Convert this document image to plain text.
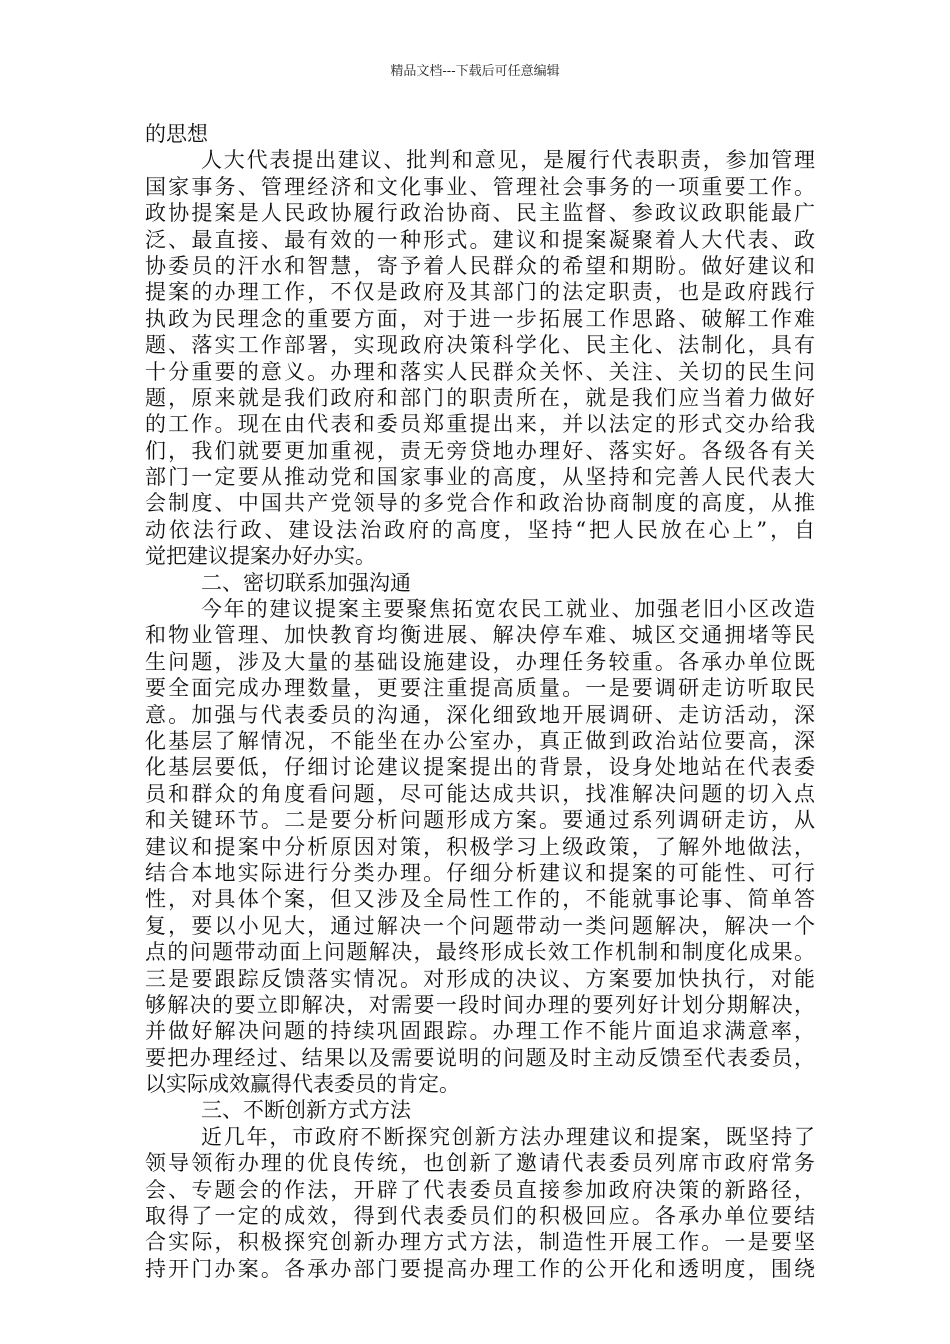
精品文档---下载后可任意编辑
的思想
人大代表提出建议、批判和意见，是履行代表职责，参加管理
国家事务、管理经济和文化事业、管理社会事务的一项重要工作。
政协提案是人民政协履行政治协商、民主监督、参政议政职能最广
泛、最直接、最有效的一种形式。建议和提案凝聚着人大代表、政
协委员的汗水和智慧，寄予着人民群众的希望和期盼。做好建议和
提案的办理工作，不仅是政府及其部门的法定职责，也是政府践行
执政为民理念的重要方面，对于进一步拓展工作思路、破解工作难
题、落实工作部署，实现政府决策科学化、民主化、法制化，具有
十分重要的意义。办理和落实人民群众关怀、关注、关切的民生问
题，原来就是我们政府和部门的职责所在，就是我们应当着力做好
的工作。现在由代表和委员郑重提出来，并以法定的形式交办给我
们，我们就要更加重视，责无旁贷地办理好、落实好。各级各有关
部门一定要从推动党和国家事业的高度，从坚持和完善人民代表大
会制度、中国共产党领导的多党合作和政治协商制度的高度，从推
动依法行政、建设法治政府的高度，坚持“把人民放在心上”，自
觉把建议提案办好办实。
二、密切联系加强沟通
今年的建议提案主要聚焦拓宽农民工就业、加强老旧小区改造
和物业管理、加快教育均衡进展、解决停车难、城区交通拥堵等民
生问题，涉及大量的基础设施建设，办理任务较重。各承办单位既
要全面完成办理数量，更要注重提高质量。一是要调研走访听取民
意。加强与代表委员的沟通，深化细致地开展调研、走访活动，深
化基层了解情况，不能坐在办公室办，真正做到政治站位要高，深
化基层要低，仔细讨论建议提案提出的背景，设身处地站在代表委
员和群众的角度看问题，尽可能达成共识，找准解决问题的切入点
和关键环节。二是要分析问题形成方案。要通过系列调研走访，从
建议和提案中分析原因对策，积极学习上级政策，了解外地做法，
结合本地实际进行分类办理。仔细分析建议和提案的可能性、可行
性，对具体个案，但又涉及全局性工作的，不能就事论事、简单答
复，要以小见大，通过解决一个问题带动一类问题解决，解决一个
点的问题带动面上问题解决，最终形成长效工作机制和制度化成果。
三是要跟踪反馈落实情况。对形成的决议、方案要加快执行，对能
够解决的要立即解决，对需要一段时间办理的要列好计划分期解决，
并做好解决问题的持续巩固跟踪。办理工作不能片面追求满意率，
要把办理经过、结果以及需要说明的问题及时主动反馈至代表委员，
以实际成效赢得代表委员的肯定。
三、不断创新方式方法
近几年，市政府不断探究创新方法办理建议和提案，既坚持了
领导领衔办理的优良传统，也创新了邀请代表委员列席市政府常务
会、专题会的作法，开辟了代表委员直接参加政府决策的新路径，
取得了一定的成效，得到代表委员们的积极回应。各承办单位要结
合实际，积极探究创新办理方式方法，制造性开展工作。一是要坚
持开门办案。各承办部门要提高办理工作的公开化和透明度，围绕
